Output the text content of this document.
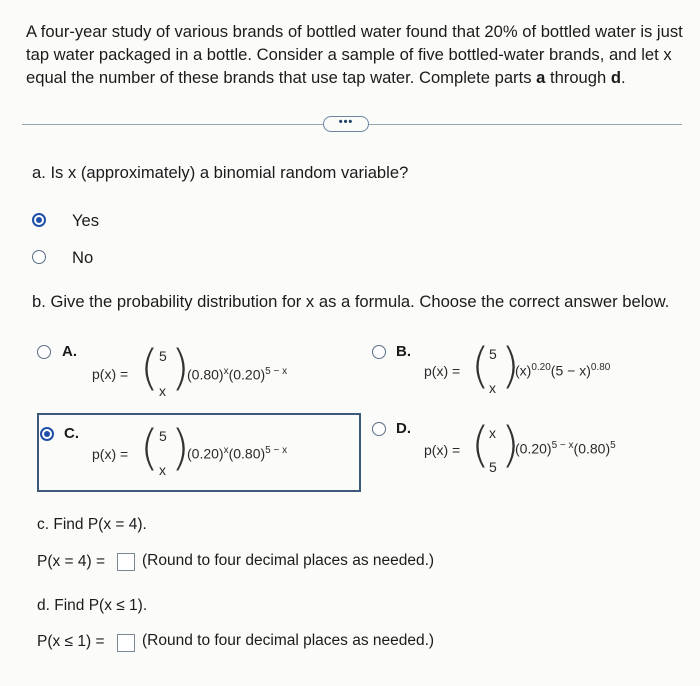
A four-year study of various brands of bottled water found that 20% of bottled water is just tap water packaged in a bottle. Consider a sample of five bottled-water brands, and let x equal the number of these brands that use tap water. Complete parts a through d.
•••
a. Is x (approximately) a binomial random variable?
Yes
No
b. Give the probability distribution for x as a formula. Choose the correct answer below.
A.
p(x) = ( 5
x )
$(0.80)^x(0.20)^{5 - x}$
B.
p(x) = ( 5
x )
$(x)^{0.20}(5 - x)^{0.80}$
C.
p(x) = ( 5
x )
$(0.20)^x(0.80)^{5 - x}$
D.
p(x) = ( x
5 )
$(0.20)^{5 - x}(0.80)^5$
c. Find P(x = 4).
P(x = 4) = (Round to four decimal places as needed.)
d. Find P(x ≤ 1).
P(x ≤ 1) = (Round to four decimal places as needed.)
